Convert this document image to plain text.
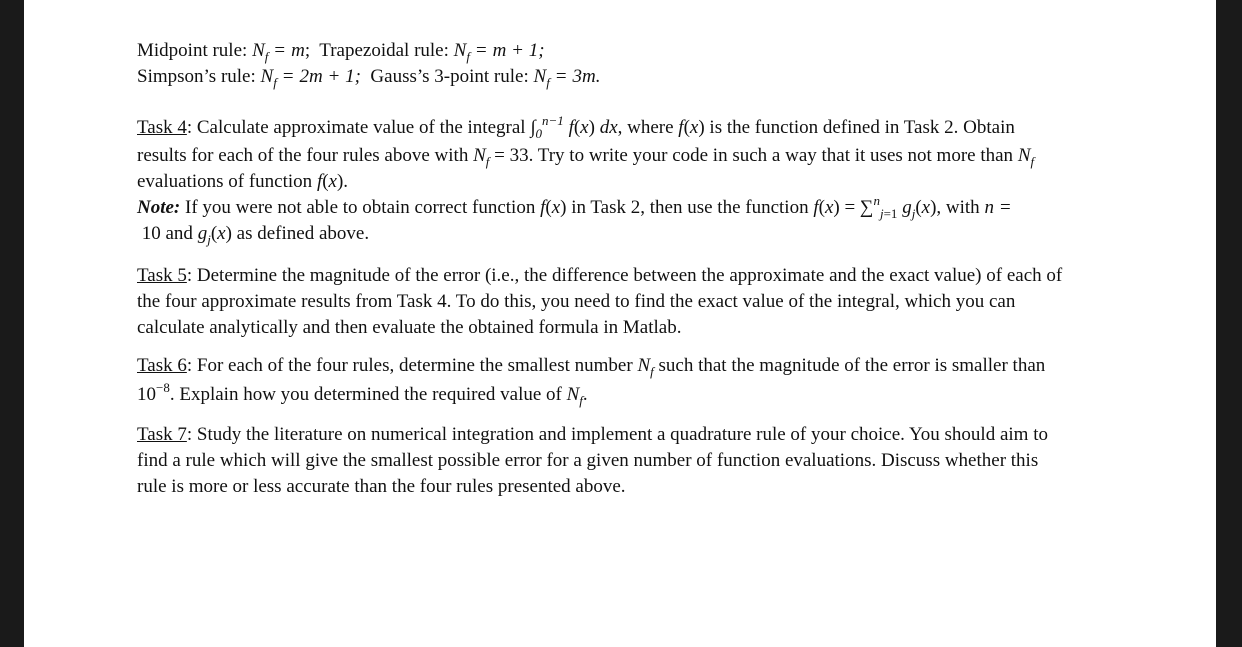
Midpoint rule: $N_f = m$;  Trapezoidal rule: $N_f = m + 1$;
Simpson’s rule: $N_f = 2m + 1$; Gauss’s 3-point rule: $N_f = 3m$.
Task 4: Calculate approximate value of the integral $\int_0^{n-1}$ f(x) dx, where f(x) is the function defined in Task 2. Obtain
results for each of the four rules above with $N_f = 33$. Try to write your code in such a way that it uses not more than $N_f$
evaluations of function f(x).
Note: If you were not able to obtain correct function f(x) in Task 2, then use the function f(x) = ∑$^n_{j=1}$ $g_j(x)$, with n =
10 and $g_j(x)$ as defined above.
Task 5: Determine the magnitude of the error (i.e., the difference between the approximate and the exact value) of each of
the four approximate results from Task 4. To do this, you need to find the exact value of the integral, which you can
calculate analytically and then evaluate the obtained formula in Matlab.
Task 6: For each of the four rules, determine the smallest number $N_f$ such that the magnitude of the error is smaller than
$10^{-8}$. Explain how you determined the required value of $N_f$.
Task 7: Study the literature on numerical integration and implement a quadrature rule of your choice. You should aim to
find a rule which will give the smallest possible error for a given number of function evaluations. Discuss whether this
rule is more or less accurate than the four rules presented above.
